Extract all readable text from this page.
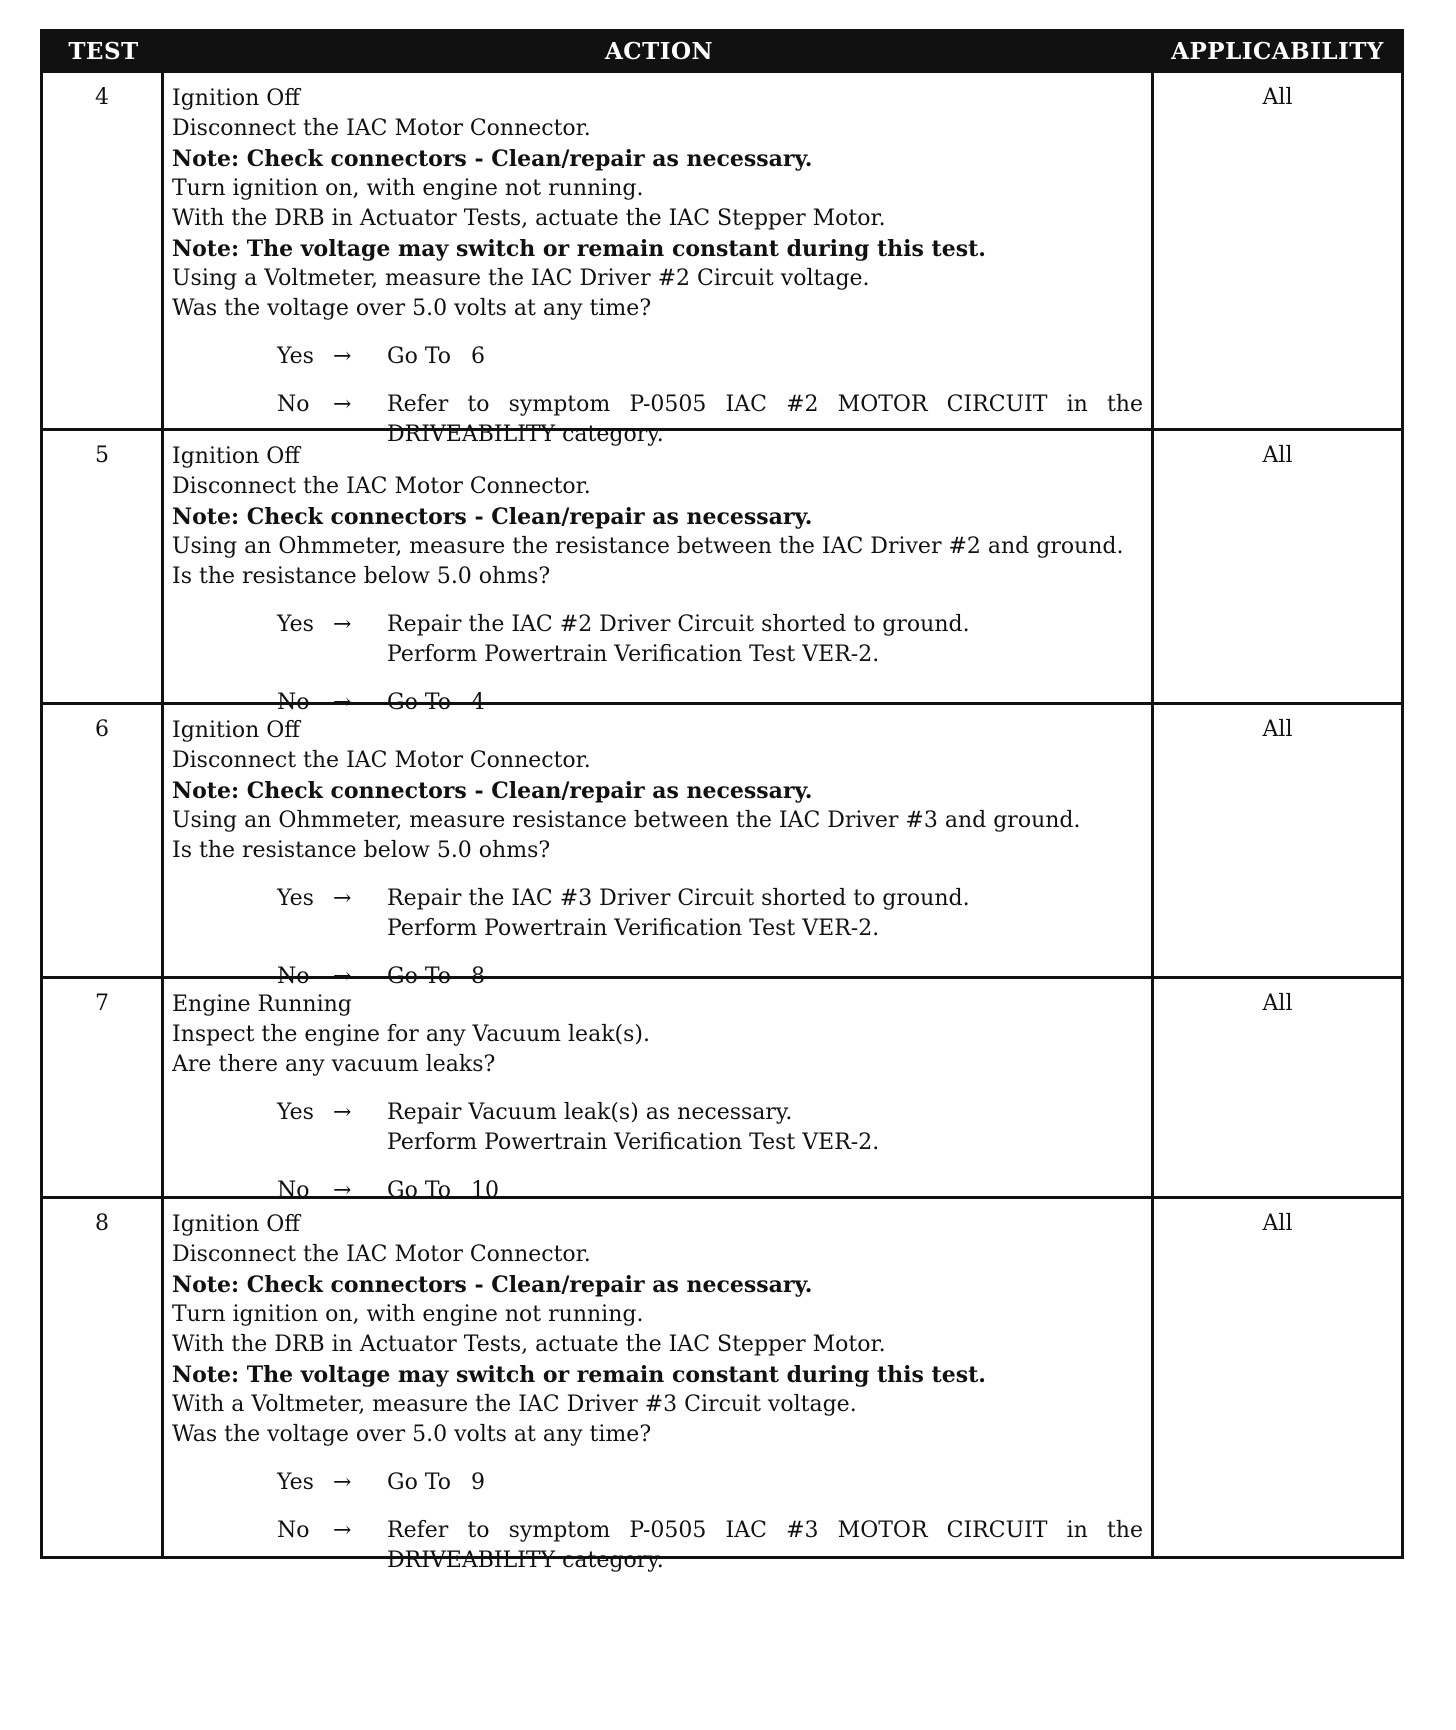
TEST	ACTION	APPLICABILITY
4	Ignition Off
Disconnect the IAC Motor Connector.
Note: Check connectors - Clean/repair as necessary.
Turn ignition on, with engine not running.
With the DRB in Actuator Tests, actuate the IAC Stepper Motor.
Note: The voltage may switch or remain constant during this test.
Using a Voltmeter, measure the IAC Driver #2 Circuit voltage.
Was the voltage over 5.0 volts at any time?
Yes →	Go To 6
No	→	Refer to symptom P-0505 IAC #2 MOTOR CIRCUIT in the
DRIVEABILITY category.
All
5	Ignition Off
Disconnect the IAC Motor Connector.
Note: Check connectors - Clean/repair as necessary.
Using an Ohmmeter, measure the resistance between the IAC Driver #2 and ground.
Is the resistance below 5.0 ohms?
Yes →	Repair the IAC #2 Driver Circuit shorted to ground.
Perform Powertrain Verification Test VER-2.
No	→	Go To 4
All
6	Ignition Off
Disconnect the IAC Motor Connector.
Note: Check connectors - Clean/repair as necessary.
Using an Ohmmeter, measure resistance between the IAC Driver #3 and ground.
Is the resistance below 5.0 ohms?
Yes →	Repair the IAC #3 Driver Circuit shorted to ground.
Perform Powertrain Verification Test VER-2.
No	→	Go To 8
All
7	Engine Running
Inspect the engine for any Vacuum leak(s).
Are there any vacuum leaks?
Yes →	Repair Vacuum leak(s) as necessary.
Perform Powertrain Verification Test VER-2.
No	→	Go To 10
All
8	Ignition Off
Disconnect the IAC Motor Connector.
Note: Check connectors - Clean/repair as necessary.
Turn ignition on, with engine not running.
With the DRB in Actuator Tests, actuate the IAC Stepper Motor.
Note: The voltage may switch or remain constant during this test.
With a Voltmeter, measure the IAC Driver #3 Circuit voltage.
Was the voltage over 5.0 volts at any time?
Yes →	Go To 9
No	→	Refer to symptom P-0505 IAC #3 MOTOR CIRCUIT in the
DRIVEABILITY category.
All
